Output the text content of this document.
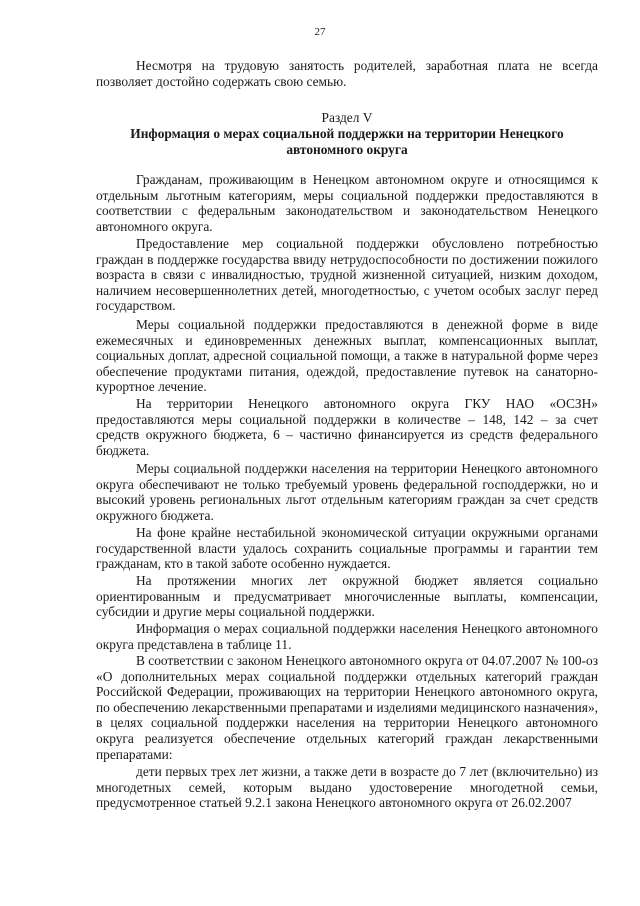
27

Несмотря на трудовую занятость родителей, заработная плата не всегда позволяет достойно содержать свою семью.

Раздел V

Информация о мерах социальной поддержки на территории Ненецкого автономного округа

Гражданам, проживающим в Ненецком автономном округе и относящимся к отдельным льготным категориям, меры социальной поддержки предоставляются в соответствии с федеральным законодательством и законодательством Ненецкого автономного округа.

Предоставление мер социальной поддержки обусловлено потребностью граждан в поддержке государства ввиду нетрудоспособности по достижении пожилого возраста в связи с инвалидностью, трудной жизненной ситуацией, низким доходом, наличием несовершеннолетних детей, многодетностью, с учетом особых заслуг перед государством.

Меры социальной поддержки предоставляются в денежной форме в виде ежемесячных и единовременных денежных выплат, компенсационных выплат, социальных доплат, адресной социальной помощи, а также в натуральной форме через обеспечение продуктами питания, одеждой, предоставление путевок на санаторно-курортное лечение.

На территории Ненецкого автономного округа ГКУ НАО «ОСЗН» предоставляются меры социальной поддержки в количестве – 148, 142 – за счет средств окружного бюджета, 6 – частично финансируется из средств федерального бюджета.

Меры социальной поддержки населения на территории Ненецкого автономного округа обеспечивают не только требуемый уровень федеральной господдержки, но и высокий уровень региональных льгот отдельным категориям граждан за счет средств окружного бюджета.

На фоне крайне нестабильной экономической ситуации окружными органами государственной власти удалось сохранить социальные программы и гарантии тем гражданам, кто в такой заботе особенно нуждается.

На протяжении многих лет окружной бюджет является социально ориентированным и предусматривает многочисленные выплаты, компенсации, субсидии и другие меры социальной поддержки.

Информация о мерах социальной поддержки населения Ненецкого автономного округа представлена в таблице 11.

В соответствии с законом Ненецкого автономного округа от 04.07.2007 № 100-оз «О дополнительных мерах социальной поддержки отдельных категорий граждан Российской Федерации, проживающих на территории Ненецкого автономного округа, по обеспечению лекарственными препаратами и изделиями медицинского назначения», в целях социальной поддержки населения на территории Ненецкого автономного округа реализуется обеспечение отдельных категорий граждан лекарственными препаратами:

дети первых трех лет жизни, а также дети в возрасте до 7 лет (включительно) из многодетных семей, которым выдано удостоверение многодетной семьи, предусмотренное статьей 9.2.1 закона Ненецкого автономного округа от 26.02.2007
